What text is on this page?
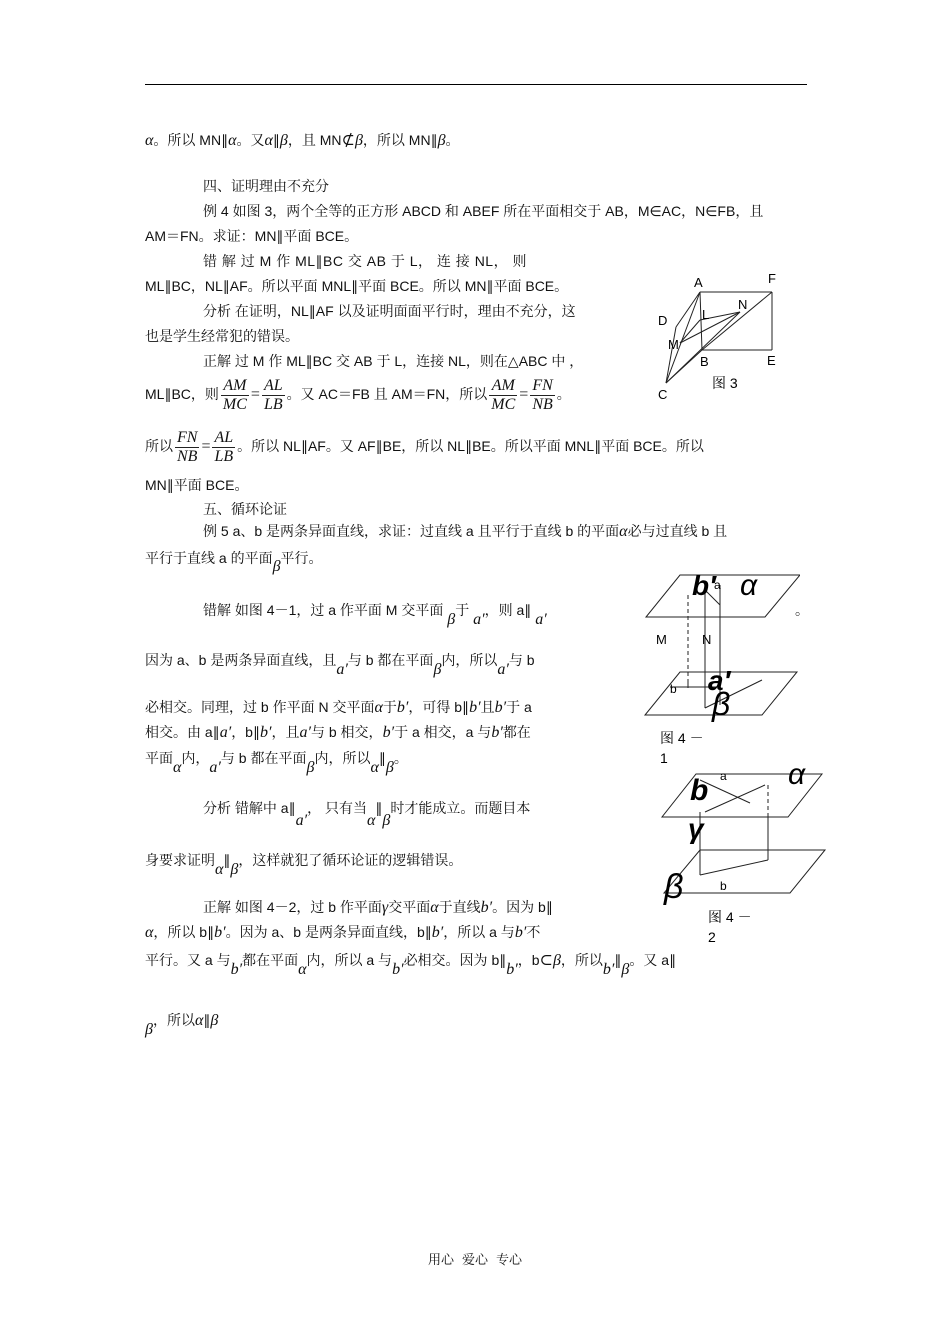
α。所以 MN∥α。又α∥β，且 MN⊄β，所以 MN∥β。
四、证明理由不充分
例 4 如图 3，两个全等的正方形 ABCD 和 ABEF 所在平面相交于 AB，M∈AC，N∈FB，且
AM＝FN。求证：MN∥平面 BCE。
错 解 过 M 作 ML∥BC 交 AB 于 L， 连 接 NL， 则
ML∥BC，NL∥AF。所以平面 MNL∥平面 BCE。所以 MN∥平面 BCE。
分析 在证明，NL∥AF 以及证明面面平行时，理由不充分，这
也是学生经常犯的错误。
正解 过 M 作 ML∥BC 交 AB 于 L，连接 NL，则在△ABC 中 ，
ML∥BC，则 $\frac{AM}{MC} = \frac{AL}{LB}$ 。又 AC＝FB 且 AM＝FN，所以 $\frac{AM}{MC} = \frac{FN}{NB}$ 。
所以 $\frac{FN}{NB} = \frac{AL}{LB}$ 。所以 NL∥AF。又 AF∥BE，所以 NL∥BE。所以平面 MNL∥平面 BCE。所以
MN∥平面 BCE。
五、循环论证
例 5 a、b 是两条异面直线，求证：过直线 a 且平行于直线 b 的平面α必与过直线 b 且
平行于直线 a 的平面β平行。
错解 如图 4－1，过 a 作平面 M 交平面 β于 a′，则 a∥ a′
。
因为 a、b 是两条异面直线，且a′与 b 都在平面β内，所以a′与 b
必相交。同理，过 b 作平面 N 交平面α于b′，可得 b∥b′且b′于 a
相交。由 a∥a′，b∥b′，且a′与 b 相交，b′于 a 相交，a 与b′都在
平面α内，a′与 b 都在平面β内，所以α∥β。
分析 错解中 a∥a′， 只有当α∥β时才能成立。而题目本
身要求证明α∥β，这样就犯了循环论证的逻辑错误。
正解 如图 4－2，过 b 作平面γ交平面α于直线b′。因为 b∥
α，所以 b∥b′。因为 a、b 是两条异面直线，b∥b′，所以 a 与b′不
平行。又 a 与b′都在平面α内，所以 a 与b′必相交。因为 b∥b′，b⊂β，所以b′∥β。又 a∥
β，所以α∥β
A	F
N
L
D
M
B	E
C
图 3
b′
a α
M	N
b a′
β
图 4 －
1
a
b	α
γ
β	b
图 4 －
2
用心 爱心 专心
